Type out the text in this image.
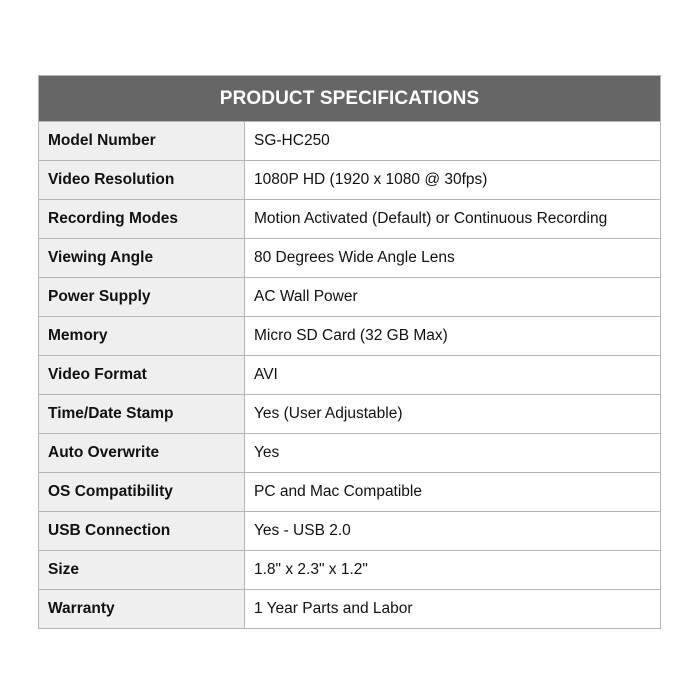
PRODUCT SPECIFICATIONS	
Model Number	SG-HC250
Video Resolution	1080P HD (1920 x 1080 @ 30fps)
Recording Modes	Motion Activated (Default) or Continuous Recording
Viewing Angle	80 Degrees Wide Angle Lens
Power Supply	AC Wall Power
Memory	Micro SD Card (32 GB Max)
Video Format	AVI
Time/Date Stamp	Yes (User Adjustable)
Auto Overwrite	Yes
OS Compatibility	PC and Mac Compatible
USB Connection	Yes - USB 2.0
Size	1.8" x 2.3" x 1.2"
Warranty	1 Year Parts and Labor
